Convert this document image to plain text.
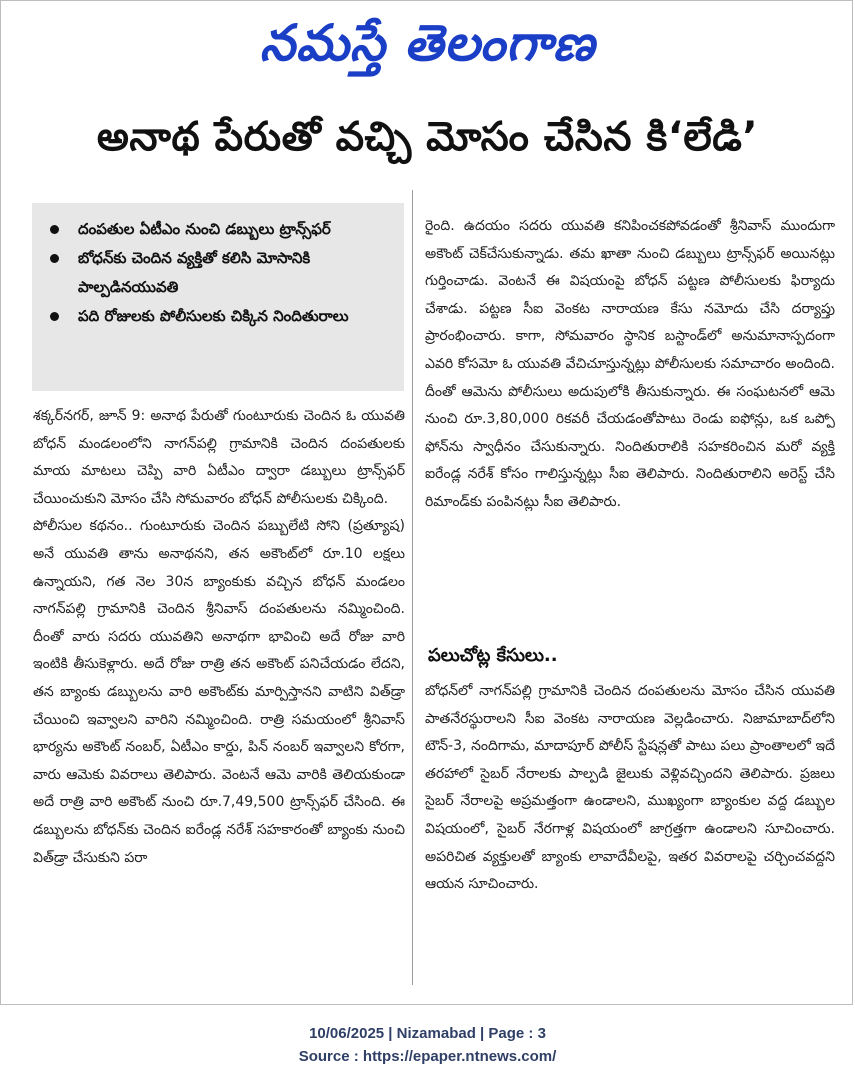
నమస్తే తెలంగాణ
అనాథ పేరుతో వచ్చి మోసం చేసిన కి‘లేడి’
దంపతుల ఏటీఎం నుంచి డబ్బులు ట్రాన్స్‌ఫర్
బోధన్‌కు చెందిన వ్యక్తితో కలిసి మోసానికి పాల్పడినయువతి
పది రోజులకు పోలీసులకు చిక్కిన నిందితురాలు

శక్కర్‌నగర్, జూన్ 9: అనాథ పేరుతో గుంటూరుకు చెందిన ఓ యువతి బోధన్ మండలంలోని నాగన్‌పల్లి గ్రామానికి చెందిన దంపతులకు మాయ మాటలు చెప్పి వారి ఏటీఎం ద్వారా డబ్బులు ట్రాన్స్‌ఫర్ చేయించుకుని మోసం చేసి సోమవారం బోధన్ పోలీసులకు చిక్కింది.

పోలీసుల కథనం.. గుంటూరుకు చెందిన పబ్బులేటి సోని (ప్రత్యూష) అనే యువతి తాను అనాథనని, తన అకౌంట్‌లో రూ.10 లక్షలు ఉన్నాయని, గత నెల 30న బ్యాంకుకు వచ్చిన బోధన్ మండలం నాగన్‌పల్లి గ్రామానికి చెందిన శ్రీనివాస్ దంపతులను నమ్మించింది. దీంతో వారు సదరు యువతిని అనాథగా భావించి అదే రోజు వారి ఇంటికి తీసుకెళ్లారు. అదే రోజు రాత్రి తన అకౌంట్ పనిచేయడం లేదని, తన బ్యాంకు డబ్బులను వారి అకౌంట్‌కు మార్పిస్తానని వాటిని విత్‌డ్రా చేయించి ఇవ్వాలని వారిని నమ్మించింది. రాత్రి సమయంలో శ్రీనివాస్ భార్యను అకౌంట్ నంబర్, ఏటీఎం కార్డు, పిన్ నంబర్ ఇవ్వాలని కోరగా, వారు ఆమెకు వివరాలు తెలిపారు. వెంటనే ఆమె వారికి తెలియకుండా అదే రాత్రి వారి అకౌంట్ నుంచి రూ.7,49,500 ట్రాన్స్‌ఫర్ చేసింది. ఈ డబ్బులను బోధన్‌కు చెందిన ఐరేండ్ల నరేశ్ సహకారంతో బ్యాంకు నుంచి విత్‌డ్రా చేసుకుని పరా

రైంది. ఉదయం సదరు యువతి కనిపించకపోవడంతో శ్రీనివాస్ ముందుగా అకౌంట్ చెక్‌చేసుకున్నాడు. తమ ఖాతా నుంచి డబ్బులు ట్రాన్స్‌ఫర్ అయినట్లు గుర్తించాడు. వెంటనే ఈ విషయంపై బోధన్ పట్టణ పోలీసులకు ఫిర్యాదు చేశాడు. పట్టణ సీఐ వెంకట నారాయణ కేసు నమోదు చేసి దర్యాప్తు ప్రారంభించారు. కాగా, సోమవారం స్థానిక బస్టాండ్‌లో అనుమానాస్పదంగా ఎవరి కోసమో ఓ యువతి వేచిచూస్తున్నట్లు పోలీసులకు సమాచారం అందింది. దీంతో ఆమెను పోలీసులు అదుపులోకి తీసుకున్నారు. ఈ సంఘటనలో ఆమె నుంచి రూ.3,80,000 రికవరీ చేయడంతోపాటు రెండు ఐఫోన్లు, ఒక ఒప్పో ఫోన్‌ను స్వాధీనం చేసుకున్నారు. నిందితురాలికి సహకరించిన మరో వ్యక్తి ఐరేండ్ల నరేశ్ కోసం గాలిస్తున్నట్లు సీఐ తెలిపారు. నిందితురాలిని అరెస్ట్ చేసి రిమాండ్‌కు పంపినట్లు సీఐ తెలిపారు.

పలుచోట్ల కేసులు..

బోధన్‌లో నాగన్‌పల్లి గ్రామానికి చెందిన దంపతులను మోసం చేసిన యువతి పాతనేరస్థురాలని సీఐ వెంకట నారాయణ వెల్లడించారు. నిజామాబాద్‌లోని టౌన్-3, నందిగామ, మాదాపూర్ పోలీస్ స్టేషన్లతో పాటు పలు ప్రాంతాలలో ఇదే తరహాలో సైబర్ నేరాలకు పాల్పడి జైలుకు వెళ్లివచ్చిందని తెలిపారు. ప్రజలు సైబర్ నేరాలపై అప్రమత్తంగా ఉండాలని, ముఖ్యంగా బ్యాంకుల వద్ద డబ్బుల విషయంలో, సైబర్ నేరగాళ్ల విషయంలో జాగ్రత్తగా ఉండాలని సూచించారు. అపరిచిత వ్యక్తులతో బ్యాంకు లావాదేవీలపై, ఇతర వివరాలపై చర్చించవద్దని ఆయన సూచించారు.

10/06/2025 | Nizamabad | Page : 3
Source : https://epaper.ntnews.com/
